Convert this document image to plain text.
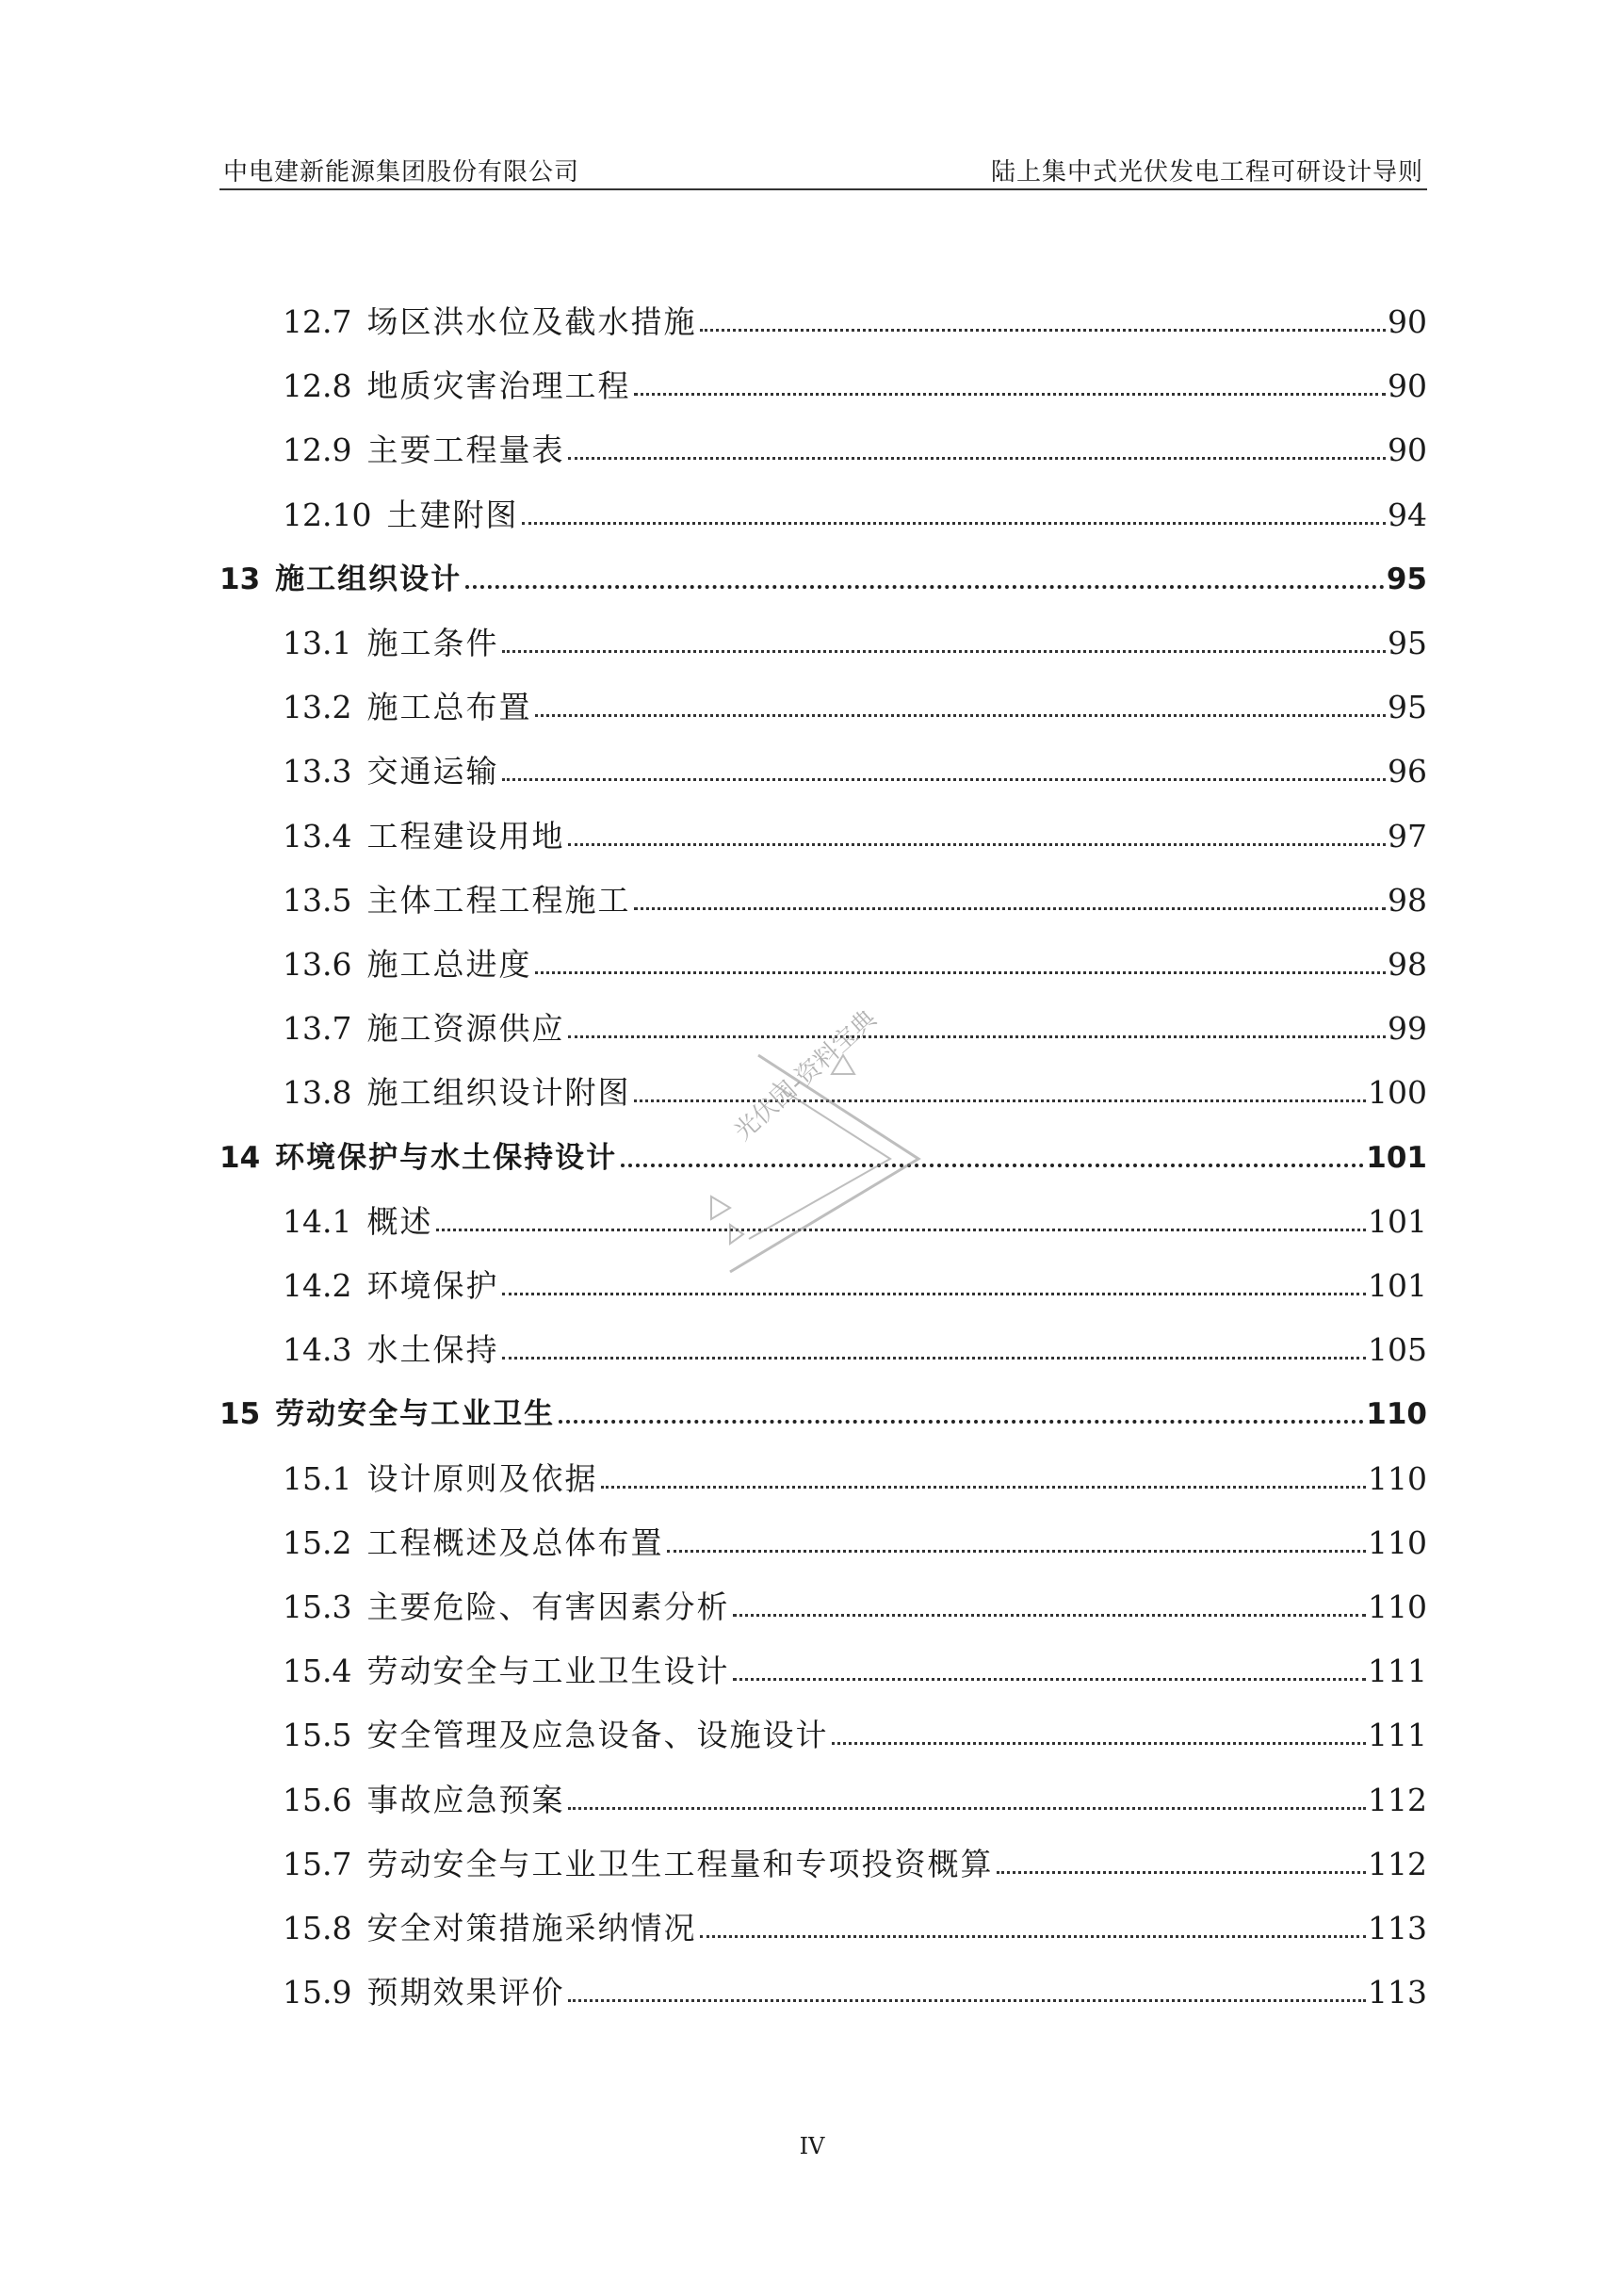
中电建新能源集团股份有限公司	陆上集中式光伏发电工程可研设计导则
12.7 场区洪水位及截水措施	90
12.8 地质灾害治理工程	90
12.9 主要工程量表	90
12.10 土建附图	94
13 施工组织设计	95
13.1 施工条件	95
13.2 施工总布置	95
13.3 交通运输	96
13.4 工程建设用地	97
13.5 主体工程工程施工	98
13.6 施工总进度	98
13.7 施工资源供应	99
13.8 施工组织设计附图	100
14 环境保护与水土保持设计	101
14.1 概述	101
14.2 环境保护	101
14.3 水土保持	105
15 劳动安全与工业卫生	110
15.1 设计原则及依据	110
15.2 工程概述及总体布置	110
15.3 主要危险、有害因素分析	110
15.4 劳动安全与工业卫生设计	111
15.5 安全管理及应急设备、设施设计	111
15.6 事故应急预案	112
15.7 劳动安全与工业卫生工程量和专项投资概算	112
15.8 安全对策措施采纳情况	113
15.9 预期效果评价	113
光伏园-资料宝典
IV
